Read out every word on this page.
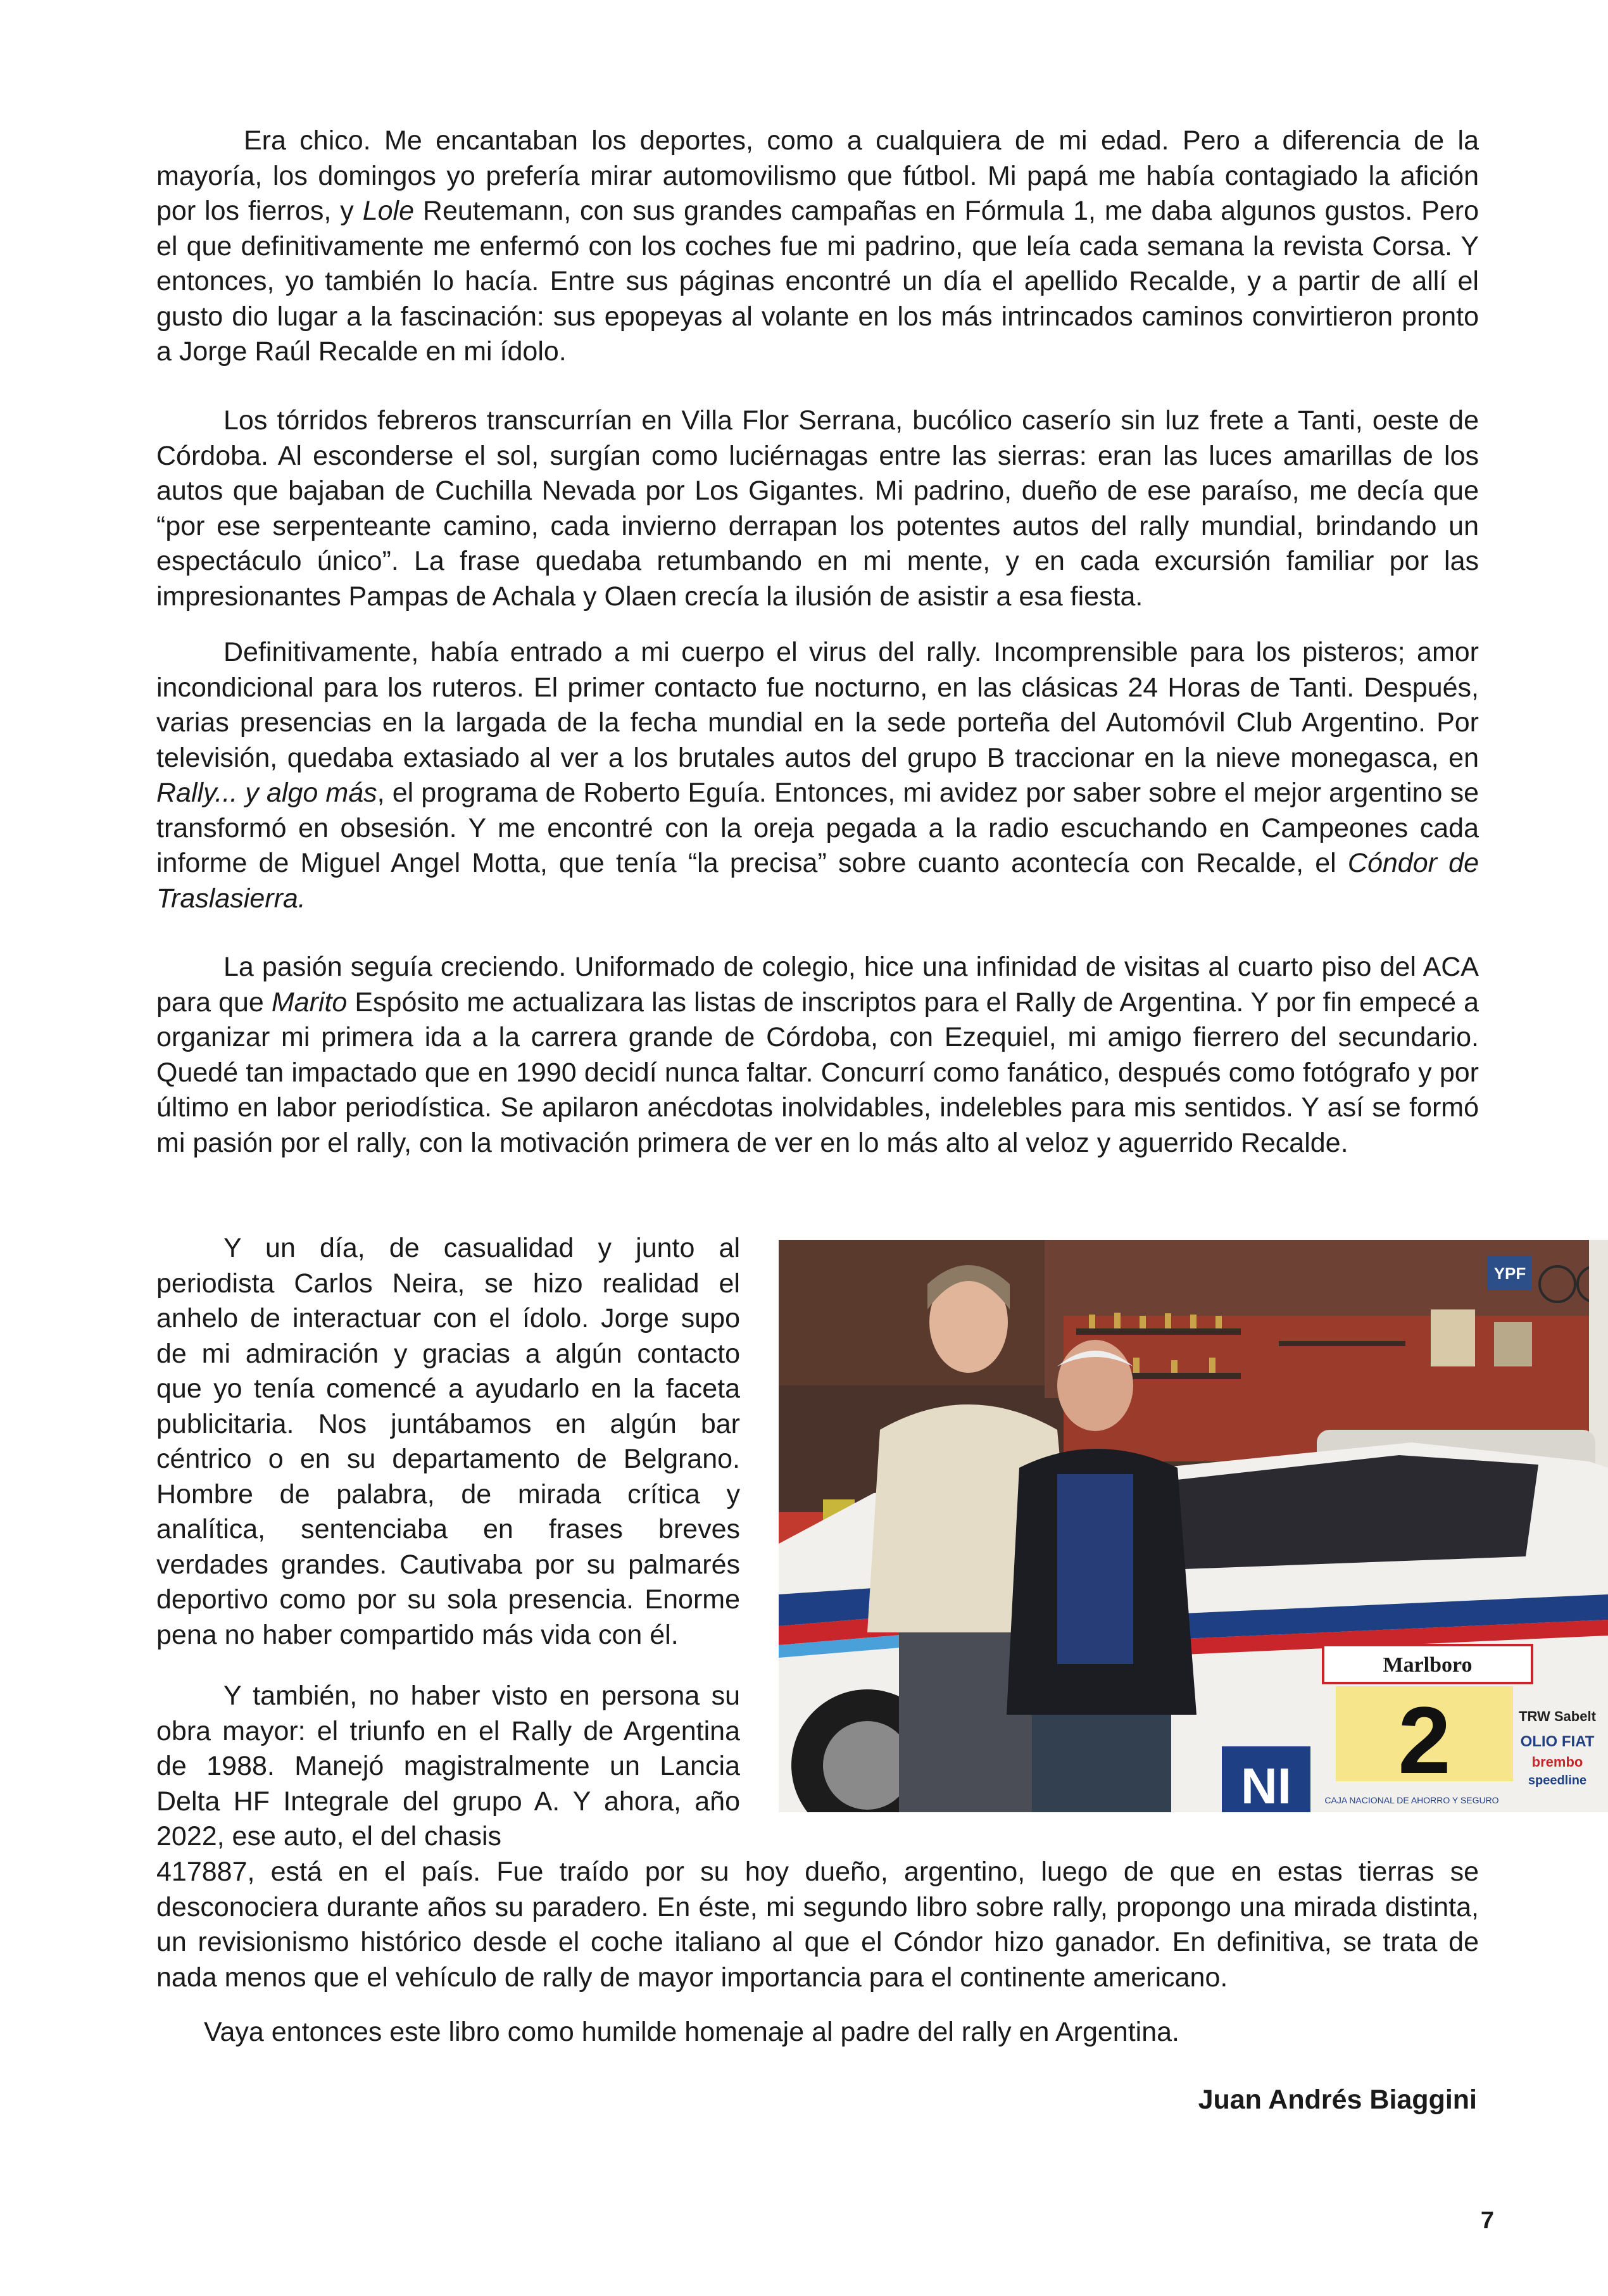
Era chico. Me encantaban los deportes, como a cualquiera de mi edad. Pero a diferencia de la mayoría, los domingos yo prefería mirar automovilismo que fútbol. Mi papá me había contagiado la afición por los fierros, y Lole Reutemann, con sus grandes campañas en Fórmula 1, me daba algunos gustos. Pero el que definitivamente me enfermó con los coches fue mi padrino, que leía cada semana la revista Corsa. Y entonces, yo también lo hacía. Entre sus páginas encontré un día el apellido Recalde, y a partir de allí el gusto dio lugar a la fascinación: sus epopeyas al volante en los más intrincados caminos convirtieron pronto a Jorge Raúl Recalde en mi ídolo.

Los tórridos febreros transcurrían en Villa Flor Serrana, bucólico caserío sin luz frete a Tanti, oeste de Córdoba. Al esconderse el sol, surgían como luciérnagas entre las sierras: eran las luces amarillas de los autos que bajaban de Cuchilla Nevada por Los Gigantes. Mi padrino, dueño de ese paraíso, me decía que “por ese serpenteante camino, cada invierno derrapan los potentes autos del rally mundial, brindando un espectáculo único”. La frase quedaba retumbando en mi mente, y en cada excursión familiar por las impresionantes Pampas de Achala y Olaen crecía la ilusión de asistir a esa fiesta.

Definitivamente, había entrado a mi cuerpo el virus del rally. Incomprensible para los pisteros; amor incondicional para los ruteros. El primer contacto fue nocturno, en las clásicas 24 Horas de Tanti. Después, varias presencias en la largada de la fecha mundial en la sede porteña del Automóvil Club Argentino. Por televisión, quedaba extasiado al ver a los brutales autos del grupo B traccionar en la nieve monegasca, en Rally... y algo más, el programa de Roberto Eguía. Entonces, mi avidez por saber sobre el mejor argentino se transformó en obsesión. Y me encontré con la oreja pegada a la radio escuchando en Campeones cada informe de Miguel Angel Motta, que tenía “la precisa” sobre cuanto acontecía con Recalde, el Cóndor de Traslasierra.

La pasión seguía creciendo. Uniformado de colegio, hice una infinidad de visitas al cuarto piso del ACA para que Marito Espósito me actualizara las listas de inscriptos para el Rally de Argentina. Y por fin empecé a organizar mi primera ida a la carrera grande de Córdoba, con Ezequiel, mi amigo fierrero del secundario. Quedé tan impactado que en 1990 decidí nunca faltar. Concurrí como fanático, después como fotógrafo y por último en labor periodística. Se apilaron anécdotas inolvidables, indelebles para mis sentidos. Y así se formó mi pasión por el rally, con la motivación primera de ver en lo más alto al veloz y aguerrido Recalde.

Y un día, de casualidad y junto al periodista Carlos Neira, se hizo realidad el anhelo de interactuar con el ídolo. Jorge supo de mi admiración y gracias a algún contacto que yo tenía comencé a ayudarlo en la faceta publicitaria. Nos juntábamos en algún bar céntrico o en su departamento de Belgrano. Hombre de palabra, de mirada crítica y analítica, sentenciaba en frases breves verdades grandes. Cautivaba por su palmarés deportivo como por su sola presencia. Enorme pena no haber compartido más vida con él.

Y también, no haber visto en persona su obra mayor: el triunfo en el Rally de Argentina de 1988. Manejó magistralmente un Lancia Delta HF Integrale del grupo A. Y ahora, año 2022, ese auto, el del chasis

417887, está en el país. Fue traído por su hoy dueño, argentino, luego de que en estas tierras se desconociera durante años su paradero. En éste, mi segundo libro sobre rally, propongo una mirada distinta, un revisionismo histórico desde el coche italiano al que el Cóndor hizo ganador. En definitiva, se trata de nada menos que el vehículo de rally de mayor importancia para el continente americano.

Vaya entonces este libro como humilde homenaje al padre del rally en Argentina.

Juan Andrés Biaggini

YPF
Marlboro
2	TRW Sabelt
OLIO FIAT
brembo
speedline
CAJA NACIONAL DE AHORRO Y SEGURO
NI

7
